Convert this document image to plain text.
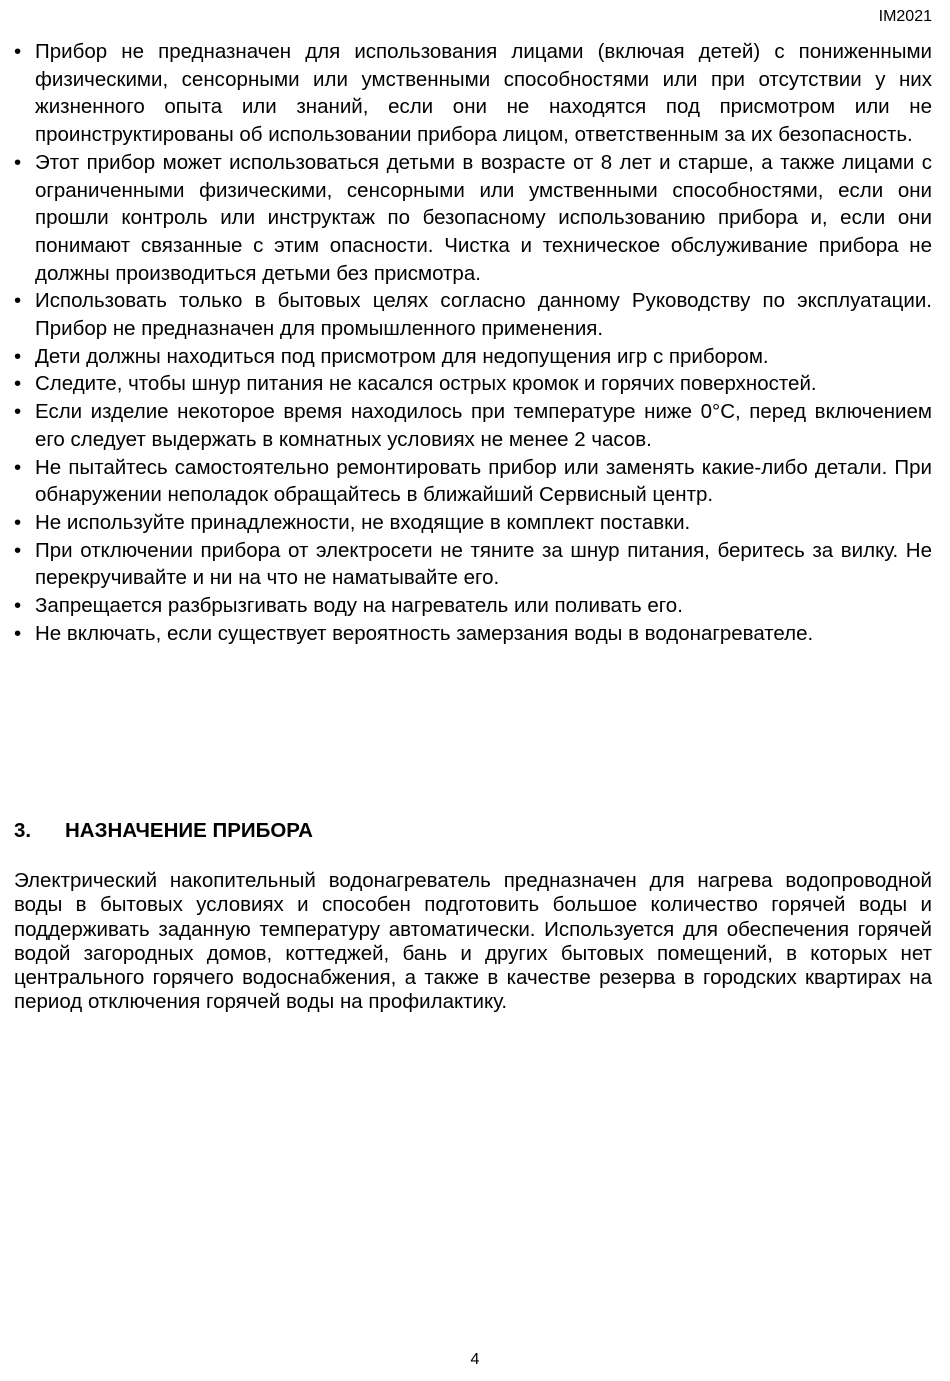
IM2021
• Прибор не предназначен для использования лицами (включая детей) с пониженными физическими, сенсорными или умственными способностями или при отсутствии у них жизненного опыта или знаний, если они не находятся под присмотром или не проинструктированы об использовании прибора лицом, ответственным за их безопасность.
• Этот прибор может использоваться детьми в возрасте от 8 лет и старше, а также лицами с ограниченными физическими, сенсорными или умственными способностями, если они прошли контроль или инструктаж по безопасному использованию прибора и, если они понимают связанные с этим опасности. Чистка и техническое обслуживание прибора не должны производиться детьми без присмотра.
• Использовать только в бытовых целях согласно данному Руководству по эксплуатации. Прибор не предназначен для промышленного применения.
• Дети должны находиться под присмотром для недопущения игр с прибором.
• Следите, чтобы шнур питания не касался острых кромок и горячих поверхностей.
• Если изделие некоторое время находилось при температуре ниже 0°С, перед включением его следует выдержать в комнатных условиях не менее 2 часов.
• Не пытайтесь самостоятельно ремонтировать прибор или заменять какие-либо детали. При обнаружении неполадок обращайтесь в ближайший Сервисный центр.
• Не используйте принадлежности, не входящие в комплект поставки.
• При отключении прибора от электросети не тяните за шнур питания, беритесь за вилку. Не перекручивайте и ни на что не наматывайте его.
• Запрещается разбрызгивать воду на нагреватель или поливать его.
• Не включать, если существует вероятность замерзания воды в водонагревателе.
3.	НАЗНАЧЕНИЕ ПРИБОРА

Электрический накопительный водонагреватель предназначен для нагрева водопроводной воды в бытовых условиях и способен подготовить большое количество горячей воды и поддерживать заданную температуру автоматически. Используется для обеспечения горячей водой загородных домов, коттеджей, бань и других бытовых помещений, в которых нет центрального горячего водоснабжения, а также в качестве резерва в городских квартирах на период отключения горячей воды на профилактику.

4
